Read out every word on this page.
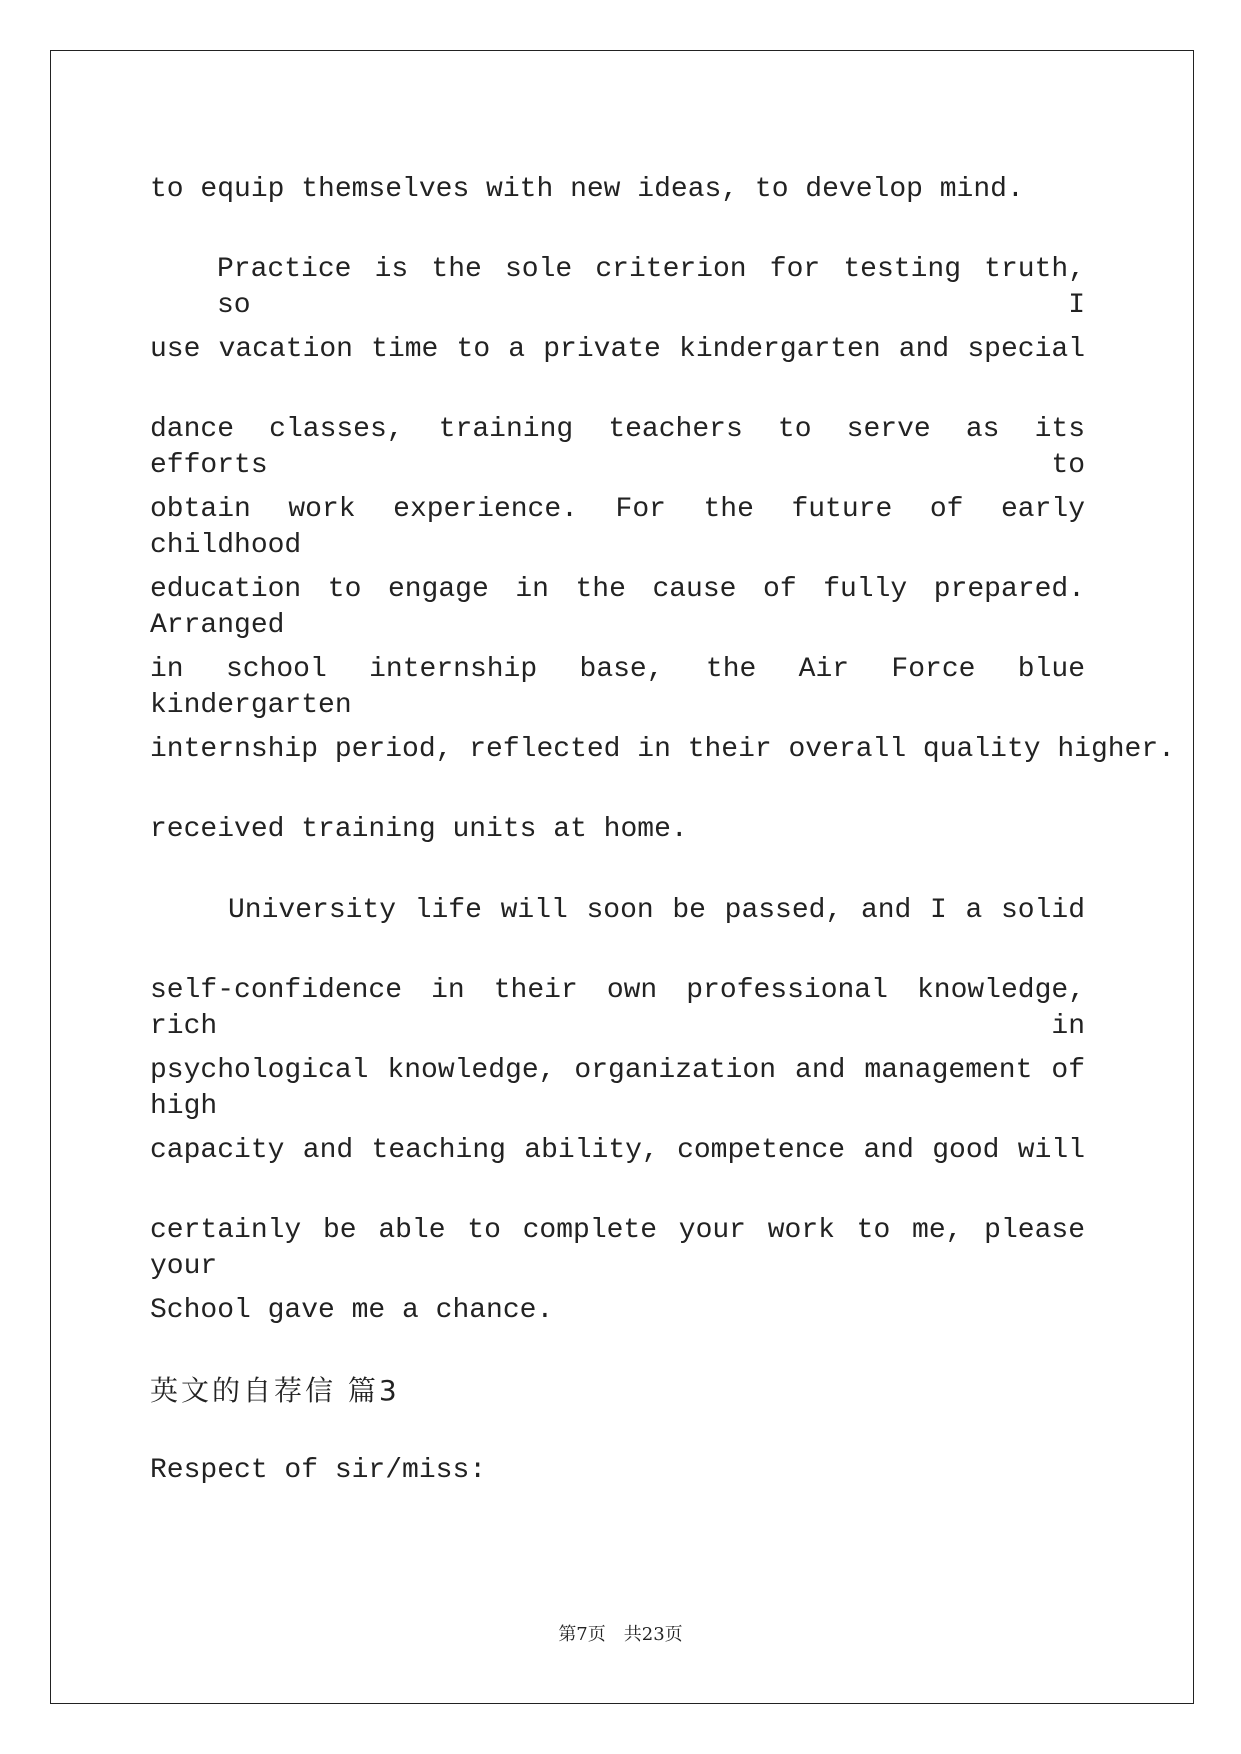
to equip themselves with new ideas, to develop mind.
Practice is the sole criterion for testing truth, so I
use vacation time to a private kindergarten and special
dance classes, training teachers to serve as its efforts to
obtain work experience. For the future of early childhood
education to engage in the cause of fully prepared. Arranged
in school internship base, the Air Force blue kindergarten
internship period, reflected in their overall quality higher.
received training units at home.
University life will soon be passed, and I a solid
self-confidence in their own professional knowledge, rich in
psychological knowledge, organization and management of high
capacity and teaching ability, competence and good will
certainly be able to complete your work to me, please your
School gave me a chance.
英文的自荐信 篇3
Respect of sir/miss:
第7页　共23页
